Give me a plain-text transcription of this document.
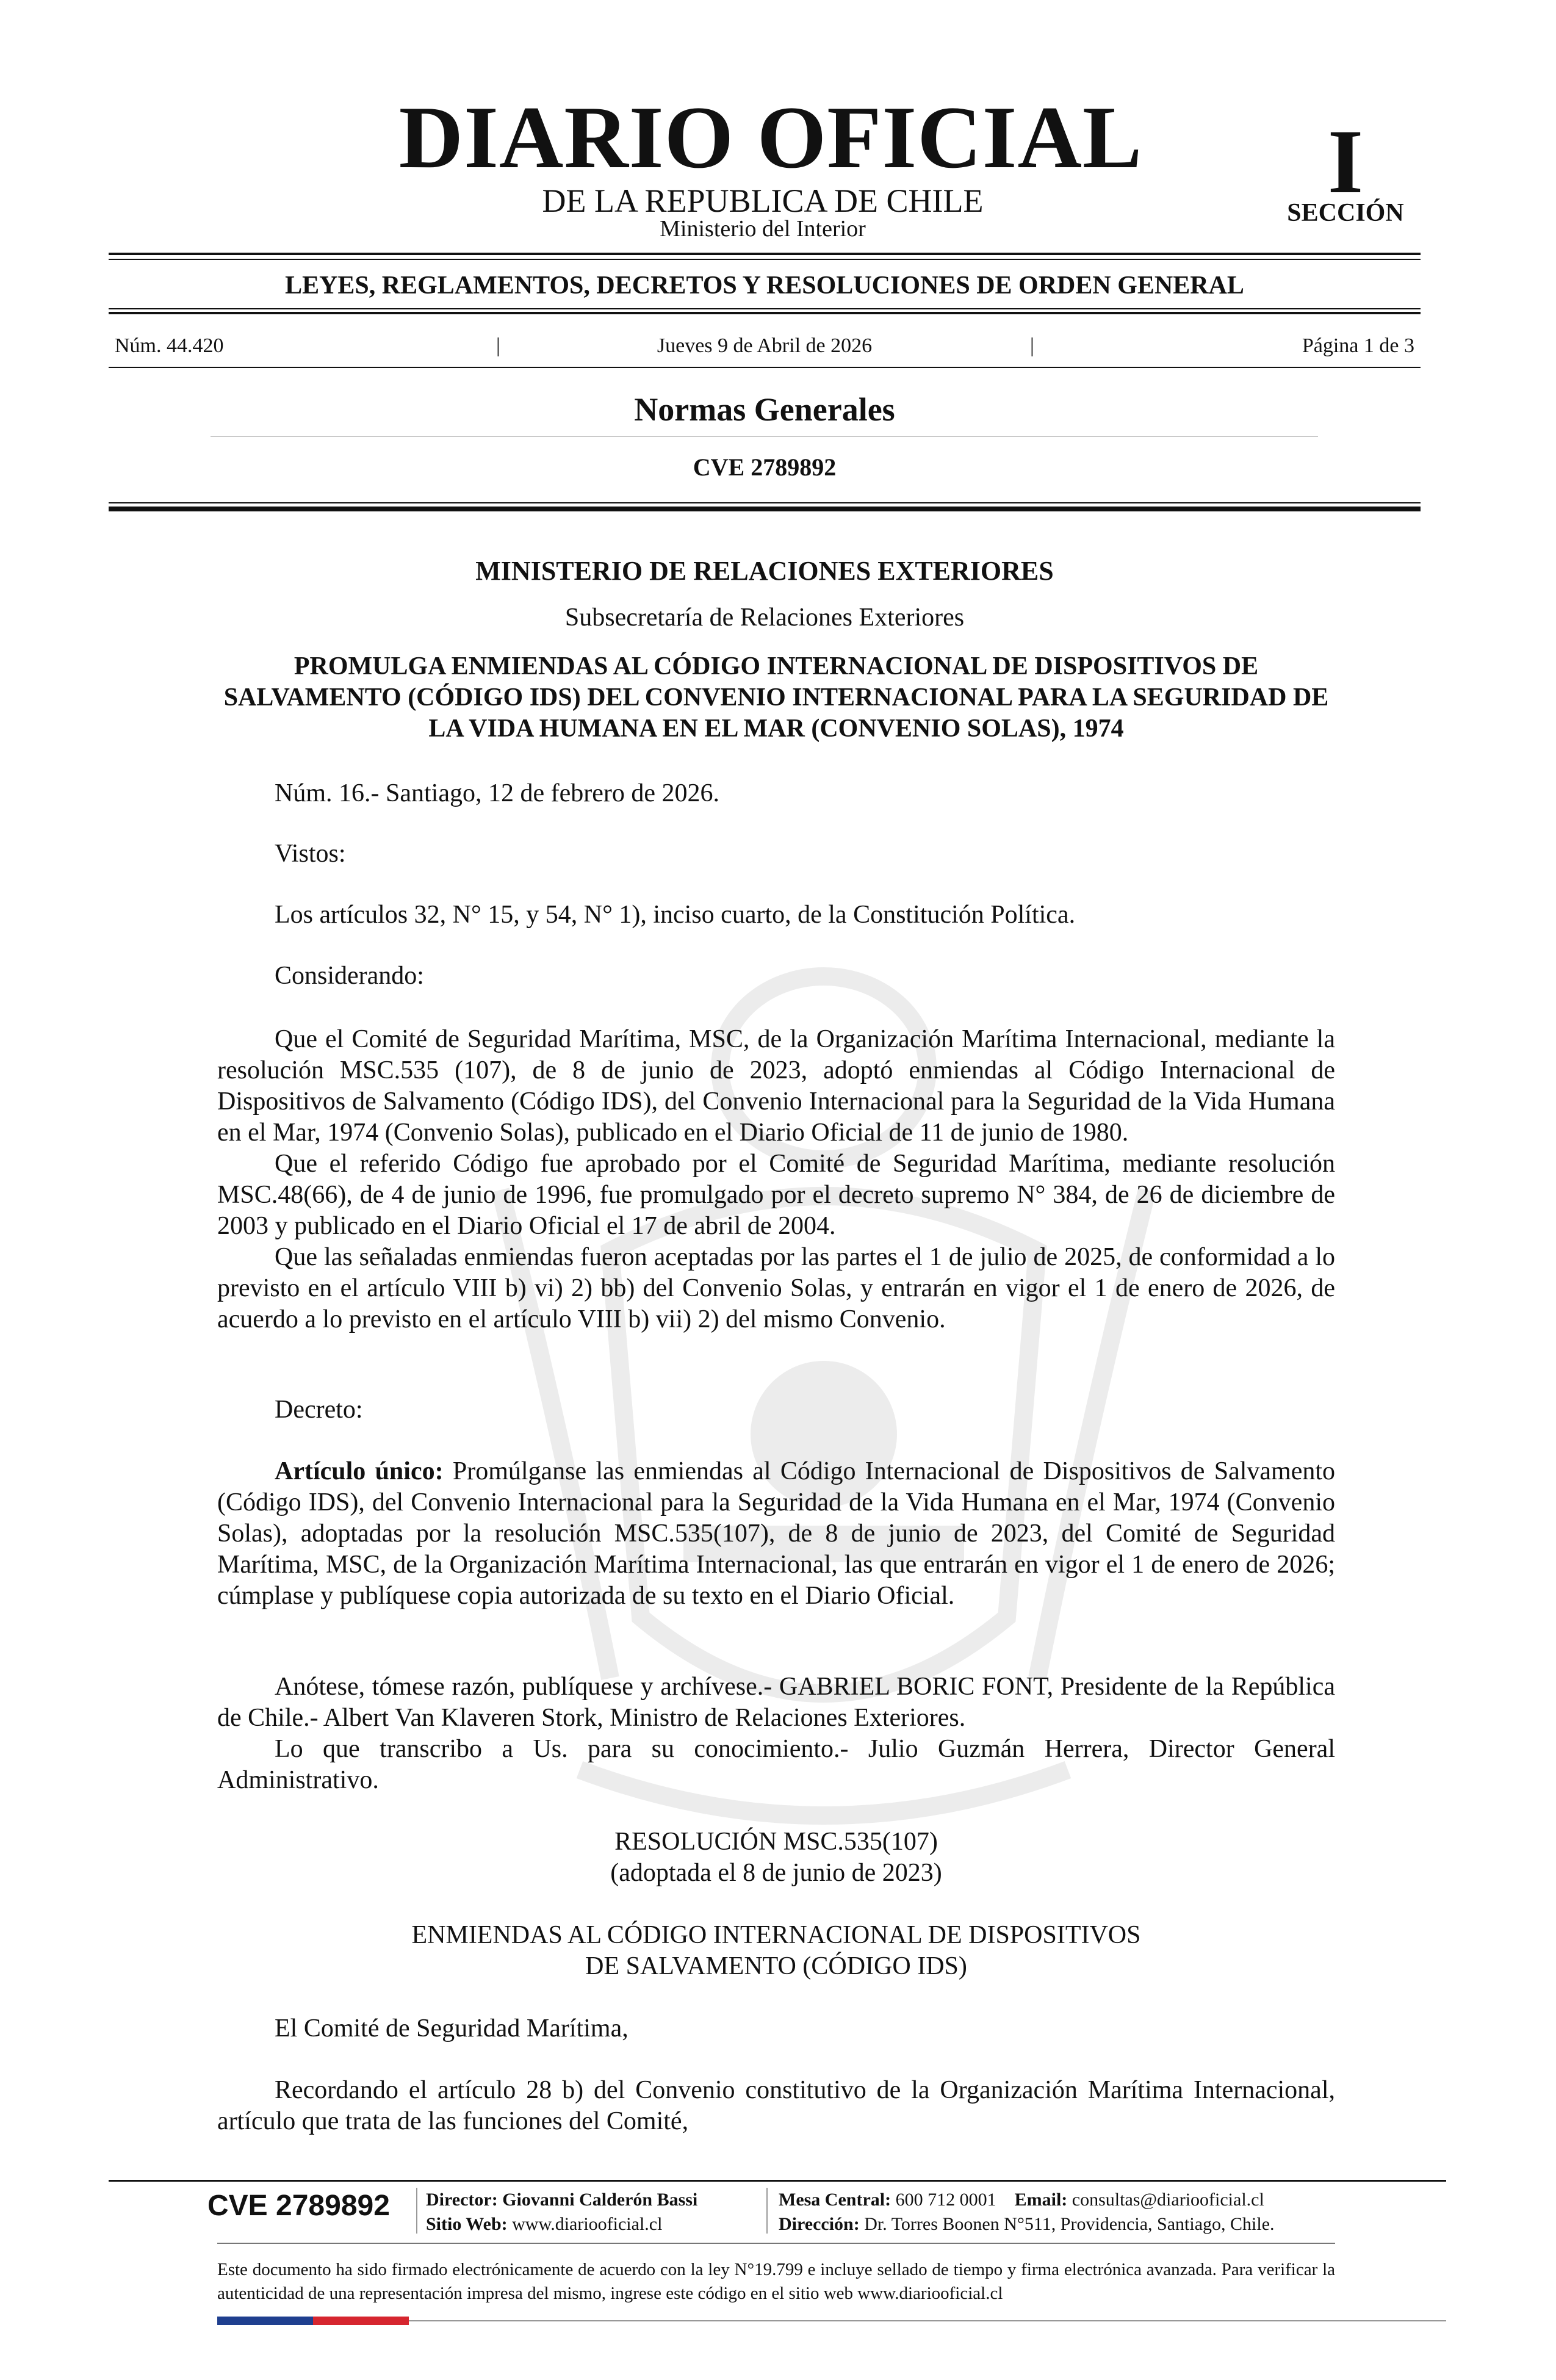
DIARIO OFICIAL
DE LA REPUBLICA DE CHILE
Ministerio del Interior
I
SECCIÓN
LEYES, REGLAMENTOS, DECRETOS Y RESOLUCIONES DE ORDEN GENERAL
Núm. 44.420	|	Jueves 9 de Abril de 2026	|	Página 1 de 3
Normas Generales
CVE 2789892
MINISTERIO DE RELACIONES EXTERIORES
Subsecretaría de Relaciones Exteriores
PROMULGA ENMIENDAS AL CÓDIGO INTERNACIONAL DE DISPOSITIVOS DE SALVAMENTO (CÓDIGO IDS) DEL CONVENIO INTERNACIONAL PARA LA SEGURIDAD DE LA VIDA HUMANA EN EL MAR (CONVENIO SOLAS), 1974
Núm. 16.- Santiago, 12 de febrero de 2026.
Vistos:
Los artículos 32, N° 15, y 54, N° 1), inciso cuarto, de la Constitución Política.
Considerando:
Que el Comité de Seguridad Marítima, MSC, de la Organización Marítima Internacional, mediante la resolución MSC.535 (107), de 8 de junio de 2023, adoptó enmiendas al Código Internacional de Dispositivos de Salvamento (Código IDS), del Convenio Internacional para la Seguridad de la Vida Humana en el Mar, 1974 (Convenio Solas), publicado en el Diario Oficial de 11 de junio de 1980.
Que el referido Código fue aprobado por el Comité de Seguridad Marítima, mediante resolución MSC.48(66), de 4 de junio de 1996, fue promulgado por el decreto supremo N° 384, de 26 de diciembre de 2003 y publicado en el Diario Oficial el 17 de abril de 2004.
Que las señaladas enmiendas fueron aceptadas por las partes el 1 de julio de 2025, de conformidad a lo previsto en el artículo VIII b) vi) 2) bb) del Convenio Solas, y entrarán en vigor el 1 de enero de 2026, de acuerdo a lo previsto en el artículo VIII b) vii) 2) del mismo Convenio.
Decreto:
Artículo único: Promúlganse las enmiendas al Código Internacional de Dispositivos de Salvamento (Código IDS), del Convenio Internacional para la Seguridad de la Vida Humana en el Mar, 1974 (Convenio Solas), adoptadas por la resolución MSC.535(107), de 8 de junio de 2023, del Comité de Seguridad Marítima, MSC, de la Organización Marítima Internacional, las que entrarán en vigor el 1 de enero de 2026; cúmplase y publíquese copia autorizada de su texto en el Diario Oficial.
Anótese, tómese razón, publíquese y archívese.- GABRIEL BORIC FONT, Presidente de la República de Chile.- Albert Van Klaveren Stork, Ministro de Relaciones Exteriores.
Lo que transcribo a Us. para su conocimiento.- Julio Guzmán Herrera, Director General Administrativo.
RESOLUCIÓN MSC.535(107)
(adoptada el 8 de junio de 2023)
ENMIENDAS AL CÓDIGO INTERNACIONAL DE DISPOSITIVOS
DE SALVAMENTO (CÓDIGO IDS)
El Comité de Seguridad Marítima,
Recordando el artículo 28 b) del Convenio constitutivo de la Organización Marítima Internacional, artículo que trata de las funciones del Comité,
CVE 2789892 Director: Giovanni Calderón Bassi
Sitio Web: www.diariooficial.cl
Mesa Central: 600 712 0001 Email: consultas@diariooficial.cl
Dirección: Dr. Torres Boonen N°511, Providencia, Santiago, Chile.
Este documento ha sido firmado electrónicamente de acuerdo con la ley N°19.799 e incluye sellado de tiempo y firma electrónica avanzada. Para verificar la autenticidad de una representación impresa del mismo, ingrese este código en el sitio web www.diariooficial.cl
